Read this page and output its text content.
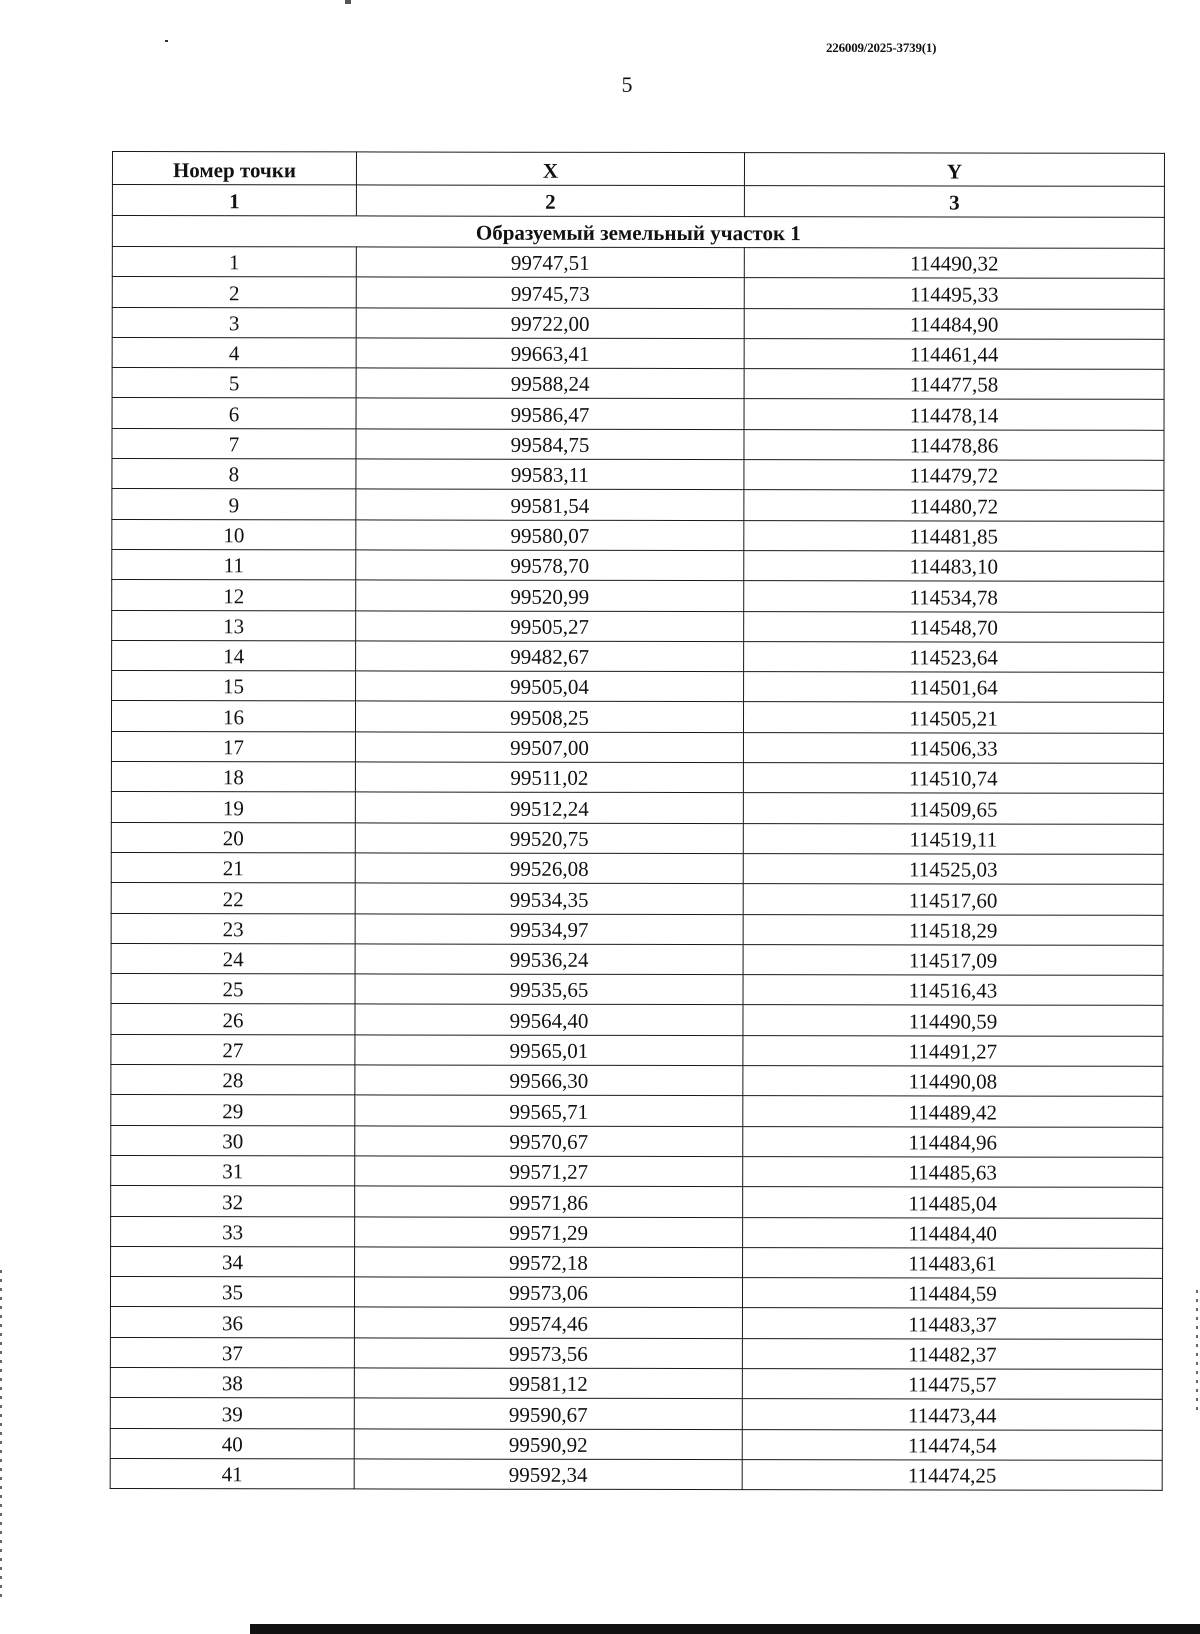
226009/2025-3739(1)
5
Номер точки	X	Y
1	2	3
Образуемый земельный участок 1		
1	99747,51	114490,32
2	99745,73	114495,33
3	99722,00	114484,90
4	99663,41	114461,44
5	99588,24	114477,58
6	99586,47	114478,14
7	99584,75	114478,86
8	99583,11	114479,72
9	99581,54	114480,72
10	99580,07	114481,85
11	99578,70	114483,10
12	99520,99	114534,78
13	99505,27	114548,70
14	99482,67	114523,64
15	99505,04	114501,64
16	99508,25	114505,21
17	99507,00	114506,33
18	99511,02	114510,74
19	99512,24	114509,65
20	99520,75	114519,11
21	99526,08	114525,03
22	99534,35	114517,60
23	99534,97	114518,29
24	99536,24	114517,09
25	99535,65	114516,43
26	99564,40	114490,59
27	99565,01	114491,27
28	99566,30	114490,08
29	99565,71	114489,42
30	99570,67	114484,96
31	99571,27	114485,63
32	99571,86	114485,04
33	99571,29	114484,40
34	99572,18	114483,61
35	99573,06	114484,59
36	99574,46	114483,37
37	99573,56	114482,37
38	99581,12	114475,57
39	99590,67	114473,44
40	99590,92	114474,54
41	99592,34	114474,25
